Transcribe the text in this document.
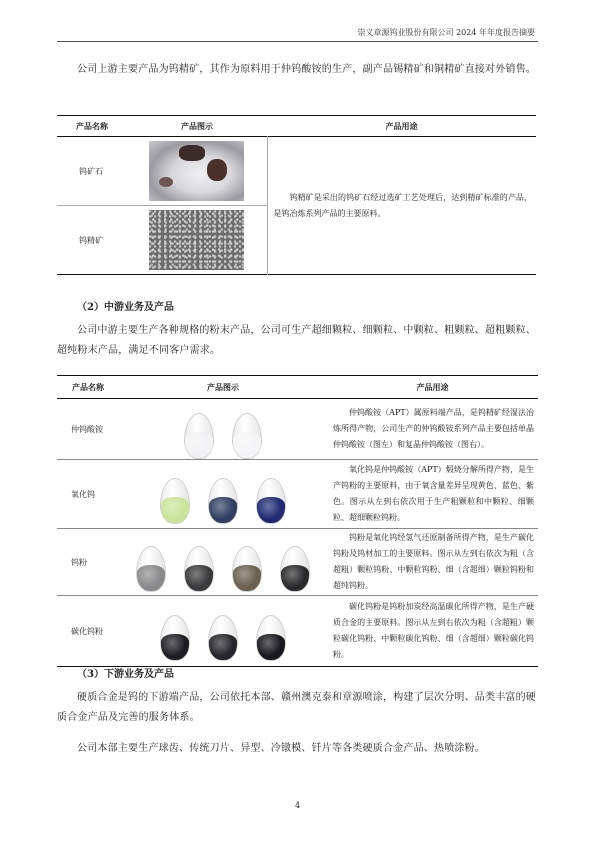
崇义章源钨业股份有限公司 2024 年年度报告摘要

公司上游主要产品为钨精矿，其作为原料用于仲钨酸铵的生产，副产品锡精矿和铜精矿直接对外销售。

产品名称	产品图示	产品用途
钨矿石		钨精矿是采出的钨矿石经过选矿工艺处理后，达到精矿标准的产品，是钨冶炼系列产品的主要原料。

钨精矿		
（2）中游业务及产品

公司中游主要生产各种规格的粉末产品，公司可生产超细颗粒、细颗粒、中颗粒、粗颗粒、超粗颗粒、超纯粉末产品，满足不同客户需求。

产品名称	产品图示	产品用途
仲钨酸铵		仲钨酸铵（APT）属原料端产品，是钨精矿经湿法冶炼所得产物，公司生产的仲钨酸铵系列产品主要包括单晶仲钨酸铵（图左）和复晶仲钨酸铵（图右）。

氧化钨		氧化钨是仲钨酸铵（APT）煅烧分解所得产物，是生产钨粉的主要原料，由于氧含量差异呈现黄色、蓝色、紫色。图示从左到右依次用于生产粗颗粒和中颗粒、细颗粒、超细颗粒钨粉。

钨粉		钨粉是氧化钨经氢气还原制备所得产物，是生产碳化钨粉及钨材加工的主要原料。图示从左到右依次为粗（含超粗）颗粒钨粉、中颗粒钨粉、细（含超细）颗粒钨粉和超纯钨粉。

碳化钨粉		碳化钨粉是钨粉加炭经高温碳化所得产物，是生产硬质合金的主要原料。图示从左到右依次为粗（含超粗）颗粒碳化钨粉、中颗粒碳化钨粉、细（含超细）颗粒碳化钨粉。

（3）下游业务及产品

硬质合金是钨的下游端产品，公司依托本部、赣州澳克泰和章源喷涂，构建了层次分明、品类丰富的硬质合金产品及完善的服务体系。

公司本部主要生产球齿、传统刀片、异型、冷镦模、钎片等各类硬质合金产品、热喷涂粉。

4
